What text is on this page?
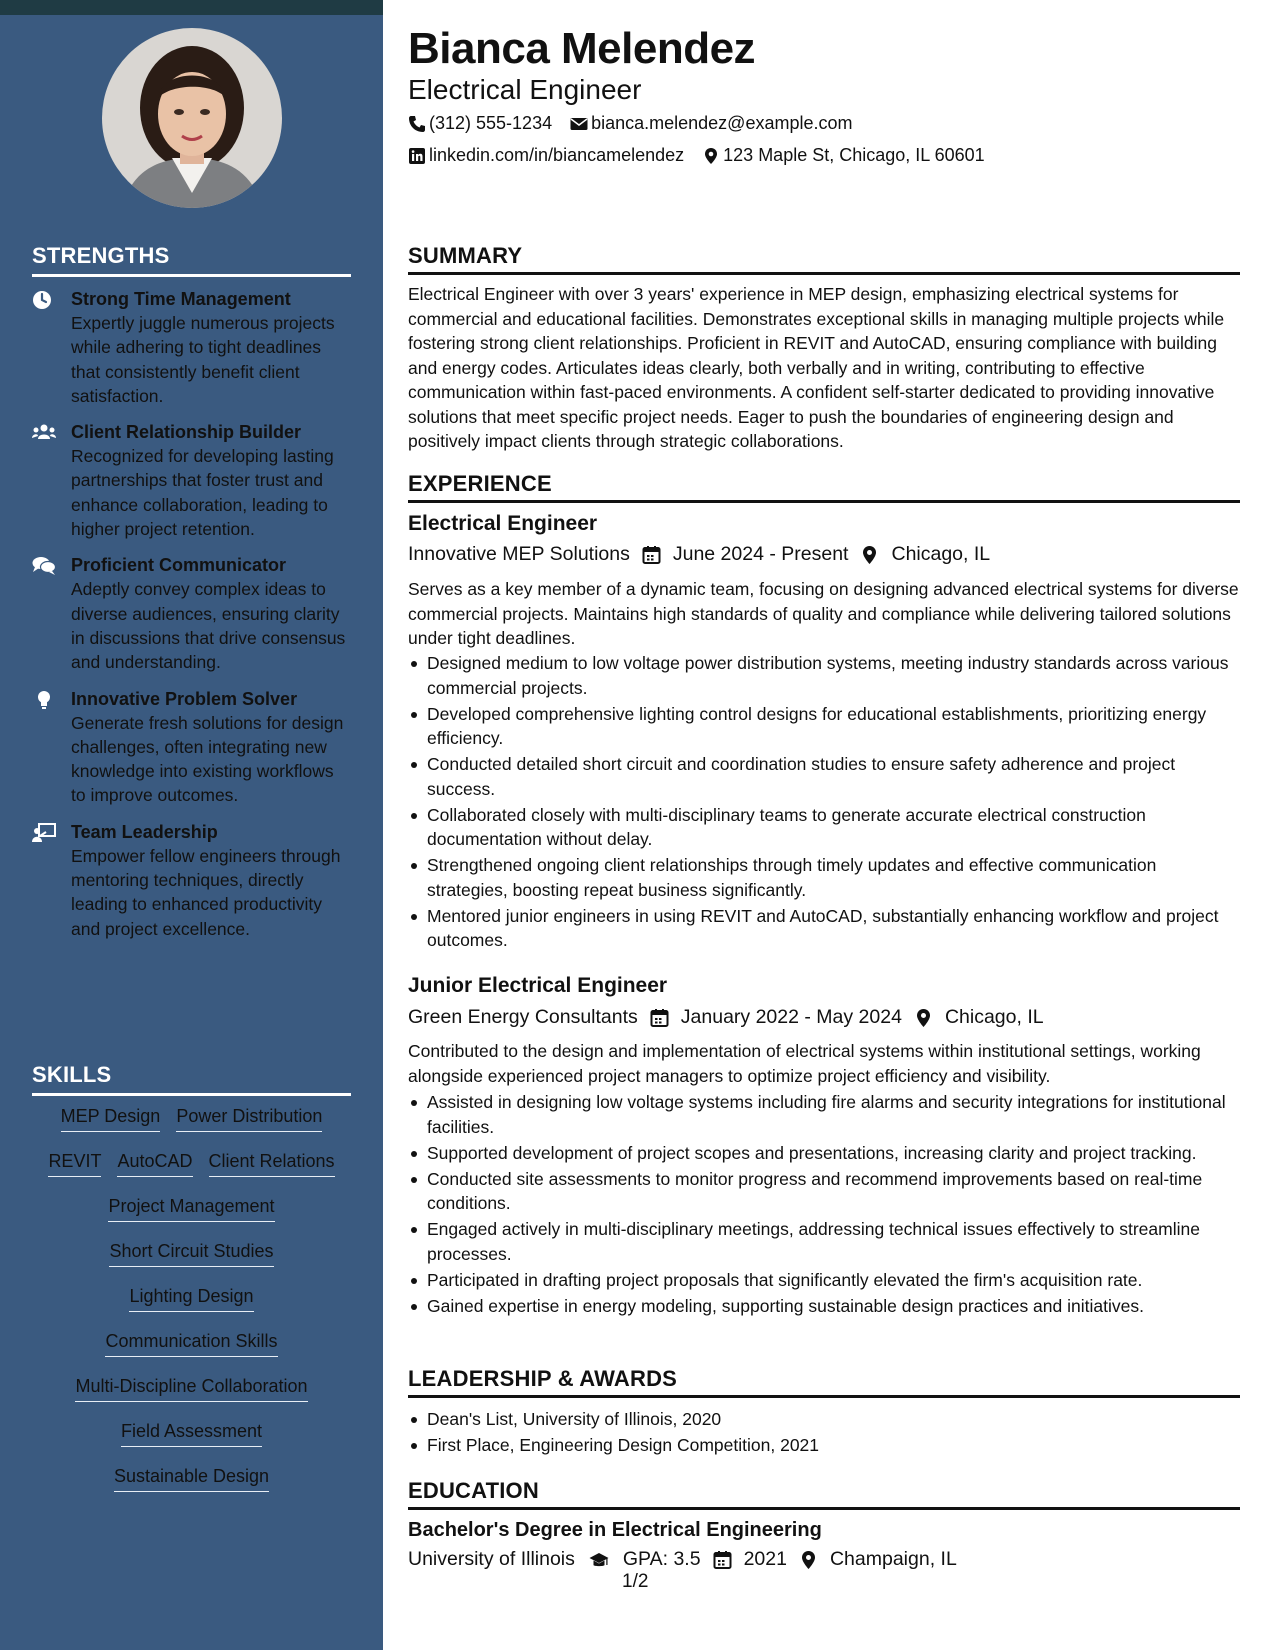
STRENGTHS
Strong Time Management
Expertly juggle numerous projects while adhering to tight deadlines that consistently benefit client satisfaction.
Client Relationship Builder
Recognized for developing lasting partnerships that foster trust and enhance collaboration, leading to higher project retention.
Proficient Communicator
Adeptly convey complex ideas to diverse audiences, ensuring clarity in discussions that drive consensus and understanding.
Innovative Problem Solver
Generate fresh solutions for design challenges, often integrating new knowledge into existing workflows to improve outcomes.
Team Leadership
Empower fellow engineers through mentoring techniques, directly leading to enhanced productivity and project excellence.
SKILLS
MEP Design Power Distribution
REVIT AutoCAD Client Relations
Project Management
Short Circuit Studies
Lighting Design
Communication Skills
Multi-Discipline Collaboration
Field Assessment
Sustainable Design
Bianca Melendez
Electrical Engineer
(312) 555-1234 bianca.melendez@example.com
linkedin.com/in/biancamelendez 123 Maple St, Chicago, IL 60601
SUMMARY
Electrical Engineer with over 3 years' experience in MEP design, emphasizing electrical systems for commercial and educational facilities. Demonstrates exceptional skills in managing multiple projects while fostering strong client relationships. Proficient in REVIT and AutoCAD, ensuring compliance with building and energy codes. Articulates ideas clearly, both verbally and in writing, contributing to effective communication within fast-paced environments. A confident self-starter dedicated to providing innovative solutions that meet specific project needs. Eager to push the boundaries of engineering design and positively impact clients through strategic collaborations.
EXPERIENCE
Electrical Engineer
Innovative MEP Solutions June 2024 - Present Chicago, IL
Serves as a key member of a dynamic team, focusing on designing advanced electrical systems for diverse commercial projects. Maintains high standards of quality and compliance while delivering tailored solutions under tight deadlines.
Designed medium to low voltage power distribution systems, meeting industry standards across various commercial projects.
Developed comprehensive lighting control designs for educational establishments, prioritizing energy efficiency.
Conducted detailed short circuit and coordination studies to ensure safety adherence and project success.
Collaborated closely with multi-disciplinary teams to generate accurate electrical construction documentation without delay.
Strengthened ongoing client relationships through timely updates and effective communication strategies, boosting repeat business significantly.
Mentored junior engineers in using REVIT and AutoCAD, substantially enhancing workflow and project outcomes.
Junior Electrical Engineer
Green Energy Consultants January 2022 - May 2024 Chicago, IL
Contributed to the design and implementation of electrical systems within institutional settings, working alongside experienced project managers to optimize project efficiency and visibility.
Assisted in designing low voltage systems including fire alarms and security integrations for institutional facilities.
Supported development of project scopes and presentations, increasing clarity and project tracking.
Conducted site assessments to monitor progress and recommend improvements based on real-time conditions.
Engaged actively in multi-disciplinary meetings, addressing technical issues effectively to streamline processes.
Participated in drafting project proposals that significantly elevated the firm's acquisition rate.
Gained expertise in energy modeling, supporting sustainable design practices and initiatives.
LEADERSHIP & AWARDS
Dean's List, University of Illinois, 2020
First Place, Engineering Design Competition, 2021
EDUCATION
Bachelor's Degree in Electrical Engineering
University of Illinois GPA: 3.5 2021 Champaign, IL
1/2
